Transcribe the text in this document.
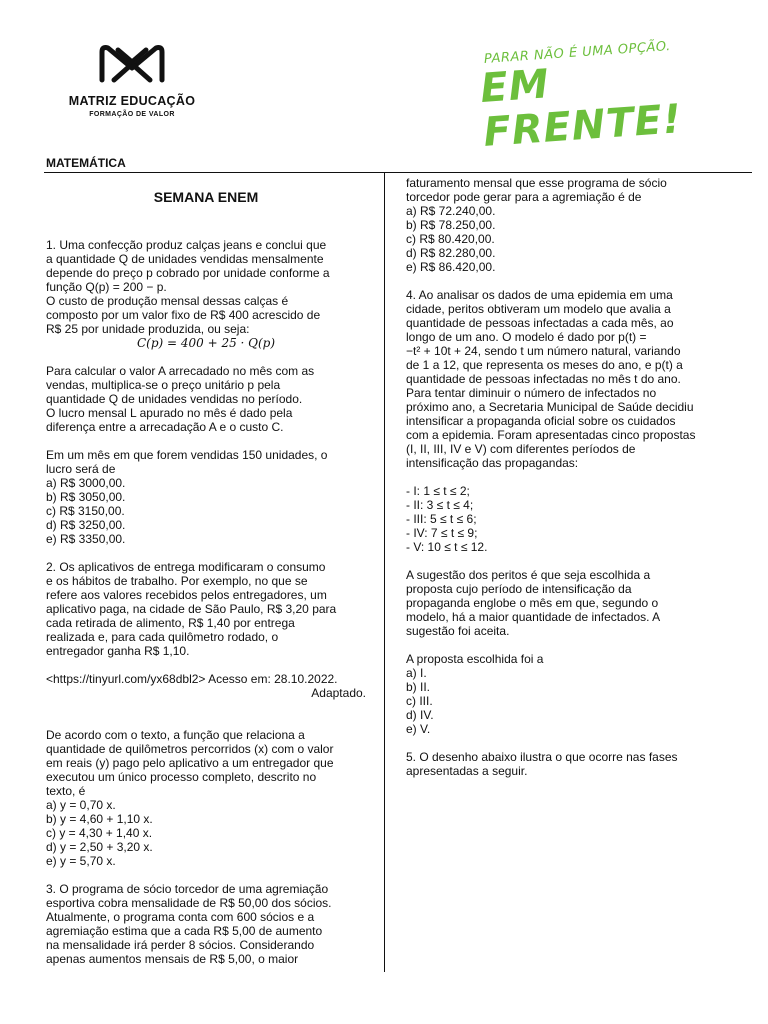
MATRIZ EDUCAÇÃO
FORMAÇÃO DE VALOR
PARAR NÃO É UMA OPÇÃO.
EM FRENTE!
MATEMÁTICA
SEMANA ENEM

1. Uma confecção produz calças jeans e conclui que

a quantidade Q de unidades vendidas mensalmente

depende do preço p cobrado por unidade conforme a

função Q(p) = 200 − p.

O custo de produção mensal dessas calças é

composto por um valor fixo de R$ 400 acrescido de

R$ 25 por unidade produzida, ou seja:

C(p) = 400 + 25 · Q(p)

Para calcular o valor A arrecadado no mês com as

vendas, multiplica-se o preço unitário p pela

quantidade Q de unidades vendidas no período.

O lucro mensal L apurado no mês é dado pela

diferença entre a arrecadação A e o custo C.

Em um mês em que forem vendidas 150 unidades, o

lucro será de

a) R$ 3000,00.

b) R$ 3050,00.

c) R$ 3150,00.

d) R$ 3250,00.

e) R$ 3350,00.

2. Os aplicativos de entrega modificaram o consumo

e os hábitos de trabalho. Por exemplo, no que se

refere aos valores recebidos pelos entregadores, um

aplicativo paga, na cidade de São Paulo, R$ 3,20 para

cada retirada de alimento, R$ 1,40 por entrega

realizada e, para cada quilômetro rodado, o

entregador ganha R$ 1,10.

<https://tinyurl.com/yx68dbl2> Acesso em: 28.10.2022.

Adaptado.

De acordo com o texto, a função que relaciona a

quantidade de quilômetros percorridos (x) com o valor

em reais (y) pago pelo aplicativo a um entregador que

executou um único processo completo, descrito no

texto, é

a) y = 0,70 x.

b) y = 4,60 + 1,10 x.

c) y = 4,30 + 1,40 x.

d) y = 2,50 + 3,20 x.

e) y = 5,70 x.

3. O programa de sócio torcedor de uma agremiação

esportiva cobra mensalidade de R$ 50,00 dos sócios.

Atualmente, o programa conta com 600 sócios e a

agremiação estima que a cada R$ 5,00 de aumento

na mensalidade irá perder 8 sócios. Considerando

apenas aumentos mensais de R$ 5,00, o maior

faturamento mensal que esse programa de sócio

torcedor pode gerar para a agremiação é de

a) R$ 72.240,00.

b) R$ 78.250,00.

c) R$ 80.420,00.

d) R$ 82.280,00.

e) R$ 86.420,00.

4. Ao analisar os dados de uma epidemia em uma

cidade, peritos obtiveram um modelo que avalia a

quantidade de pessoas infectadas a cada mês, ao

longo de um ano. O modelo é dado por p(t) =

−t² + 10t + 24, sendo t um número natural, variando

de 1 a 12, que representa os meses do ano, e p(t) a

quantidade de pessoas infectadas no mês t do ano.

Para tentar diminuir o número de infectados no

próximo ano, a Secretaria Municipal de Saúde decidiu

intensificar a propaganda oficial sobre os cuidados

com a epidemia. Foram apresentadas cinco propostas

(I, II, III, IV e V) com diferentes períodos de

intensificação das propagandas:

- I: 1 ≤ t ≤ 2;

- II: 3 ≤ t ≤ 4;

- III: 5 ≤ t ≤ 6;

- IV: 7 ≤ t ≤ 9;

- V: 10 ≤ t ≤ 12.

A sugestão dos peritos é que seja escolhida a

proposta cujo período de intensificação da

propaganda englobe o mês em que, segundo o

modelo, há a maior quantidade de infectados. A

sugestão foi aceita.

A proposta escolhida foi a

a) I.

b) II.

c) III.

d) IV.

e) V.

5. O desenho abaixo ilustra o que ocorre nas fases

apresentadas a seguir.
